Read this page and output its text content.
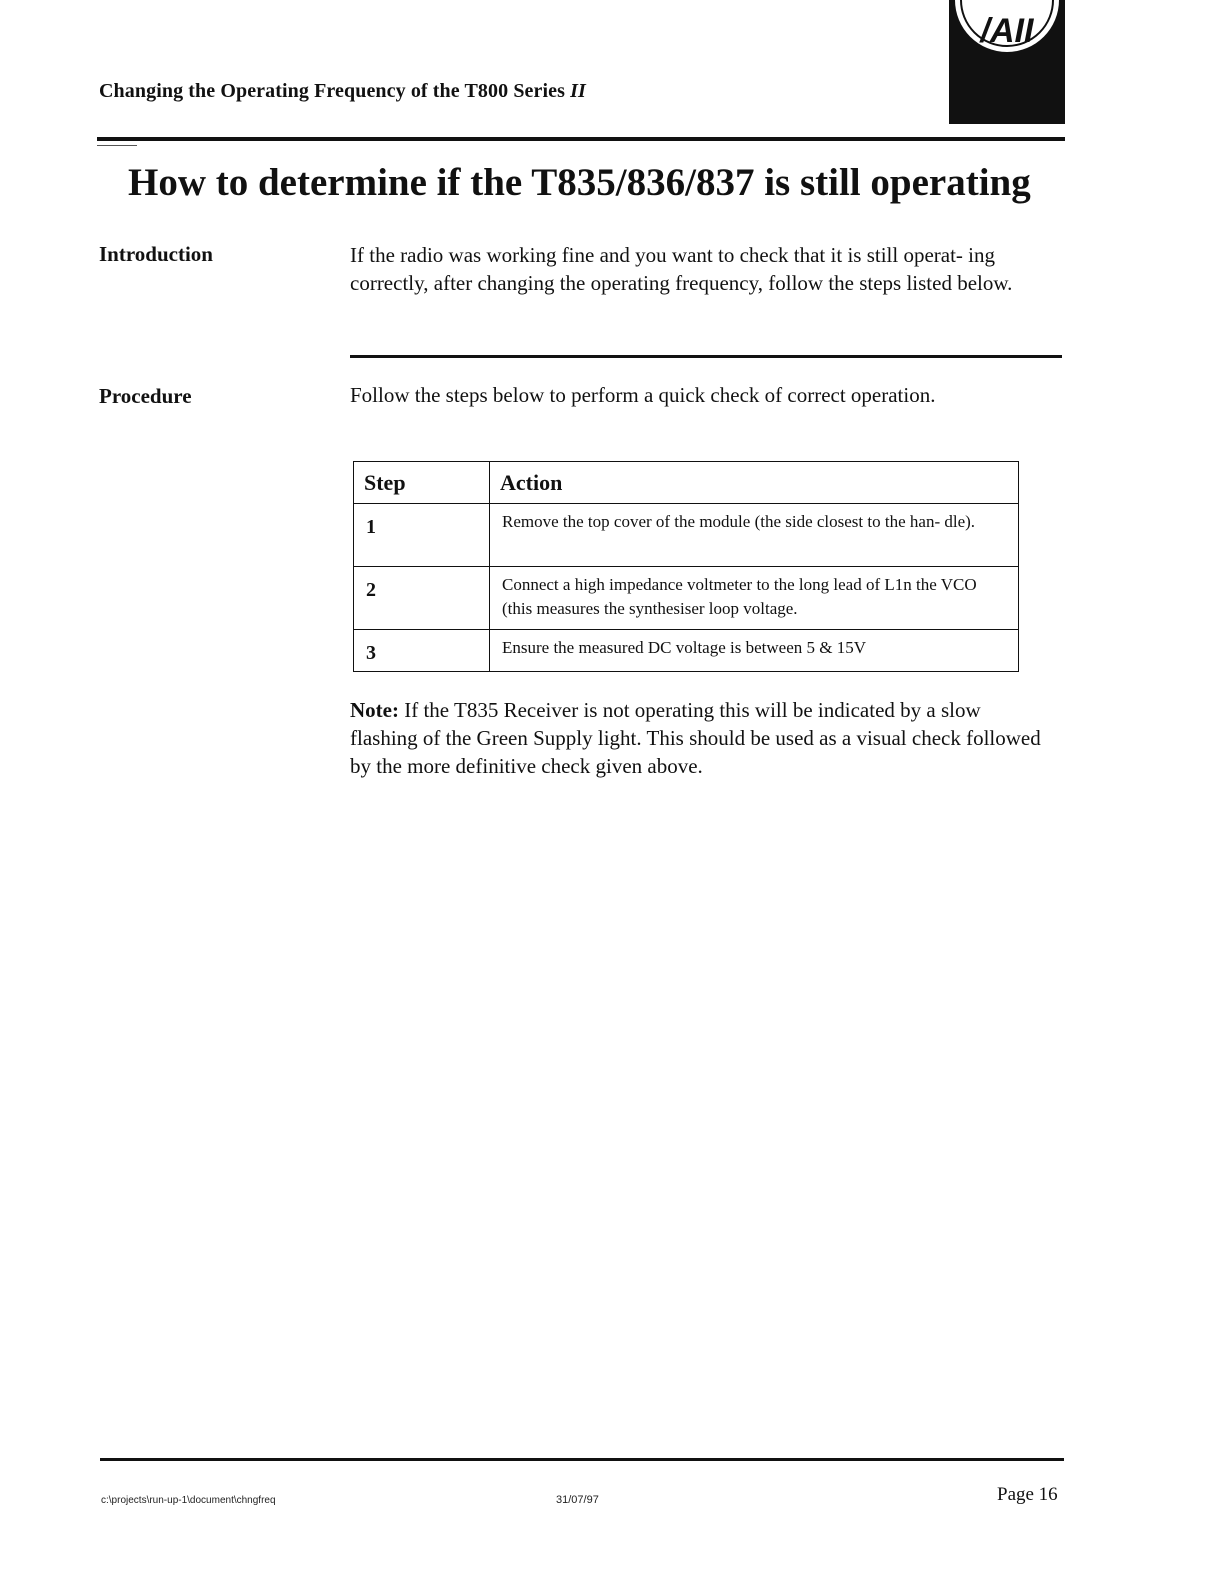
Changing the Operating Frequency of the T800 Series II
/AII
How to determine if the T835/836/837 is still operating
Introduction	If the radio was working fine and you want to check that it is still operat- ing correctly, after changing the operating frequency, follow the steps listed below.
Procedure	Follow the steps below to perform a quick check of correct operation.
Step	Action
1	Remove the top cover of the module (the side closest to the han- dle).
2	Connect a high impedance voltmeter to the long lead of L1n the VCO (this measures the synthesiser loop voltage.
3	Ensure the measured DC voltage is between 5 & 15V
Note: If the T835 Receiver is not operating this will be indicated by a slow flashing of the Green Supply light. This should be used as a visual check followed by the more definitive check given above.
c:\projects\run-up-1\document\chngfreq	31/07/97	Page 16
